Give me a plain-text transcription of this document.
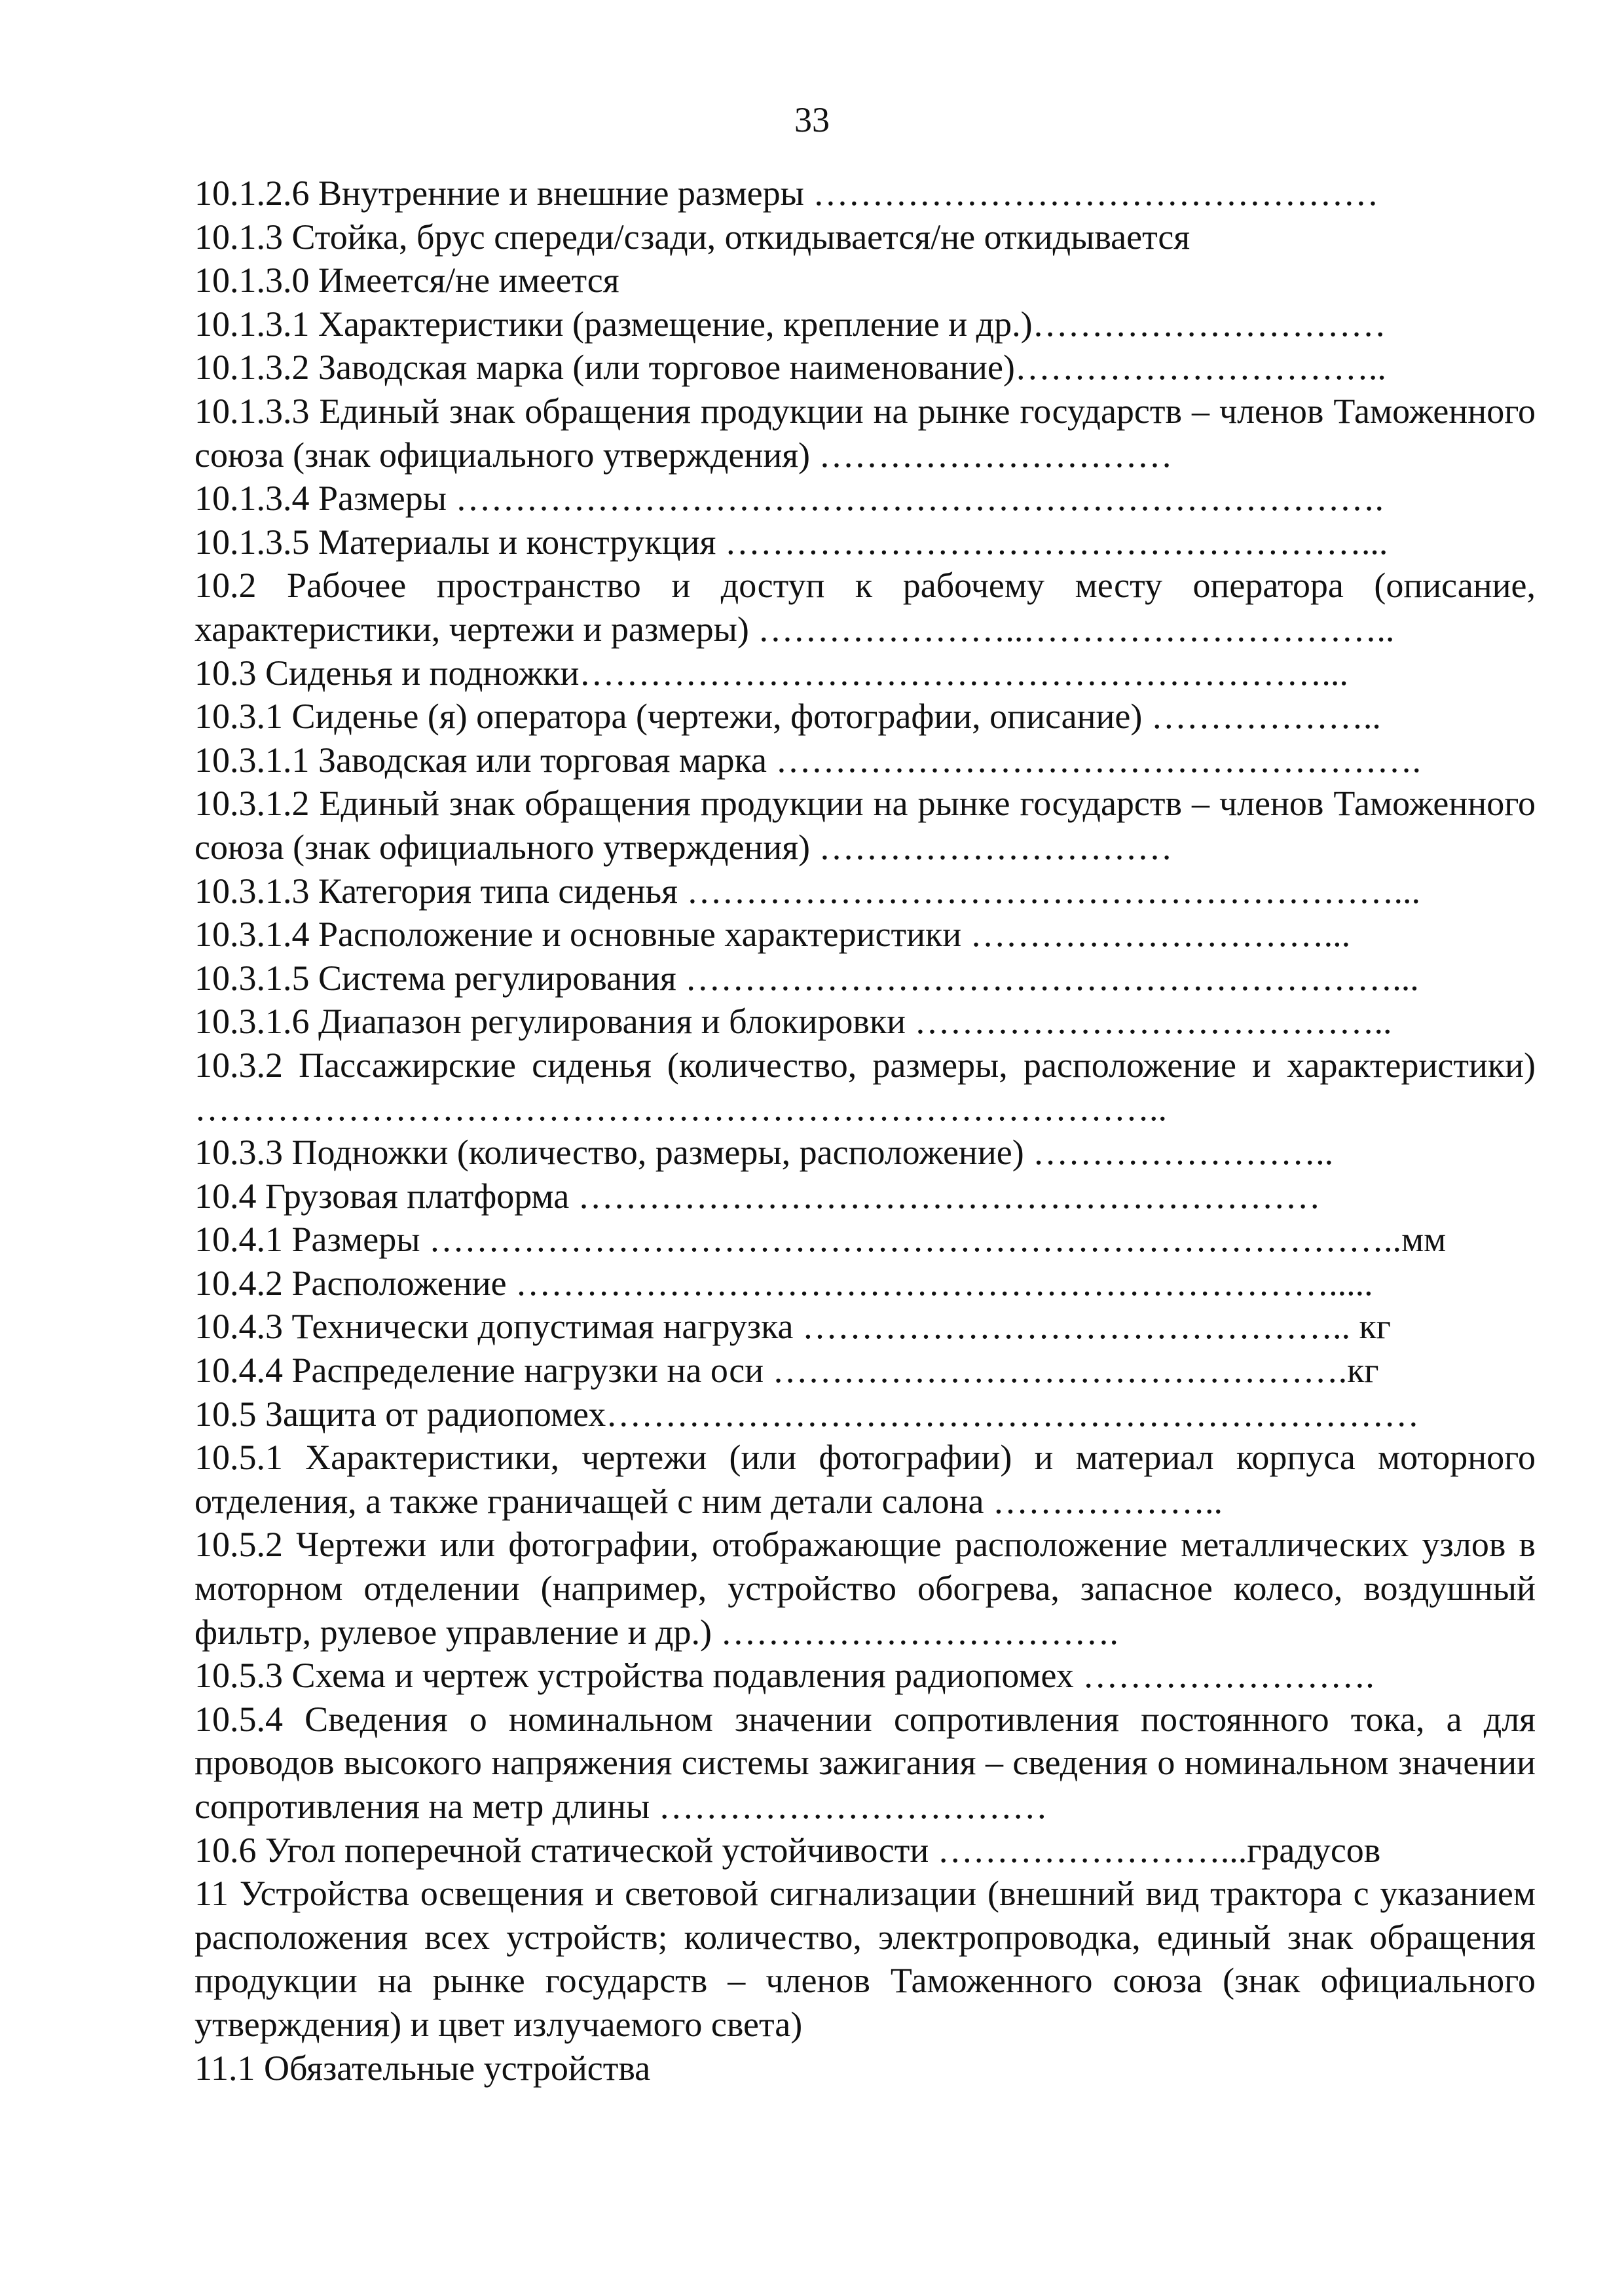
33

10.1.2.6 Внутренние и внешние размеры …………………………………………

10.1.3 Стойка, брус спереди/сзади, откидывается/не откидывается

10.1.3.0 Имеется/не имеется

10.1.3.1 Характеристики (размещение, крепление и др.)…………………………

10.1.3.2 Заводская марка (или торговое наименование)…………………………..

10.1.3.3 Единый знак обращения продукции на рынке государств – членов Таможенного союза (знак официального утверждения) …………………………

10.1.3.4 Размеры …………………………………………………………………….

10.1.3.5 Материалы и конструкция ………………………………………………...

10.2 Рабочее пространство и доступ к рабочему месту оператора (описание, характеристики, чертежи и размеры) …………………..…………………………..

10.3 Сиденья и подножки………………………………………………………...

10.3.1 Сиденье (я) оператора (чертежи, фотографии, описание) ………………..

10.3.1.1 Заводская или торговая марка ……………………………………………….

10.3.1.2 Единый знак обращения продукции на рынке государств – членов Таможенного союза (знак официального утверждения) …………………………

10.3.1.3 Категория типа сиденья ……………………………………………………...

10.3.1.4 Расположение и основные характеристики …………………………...

10.3.1.5 Система регулирования ……………………………………………………...

10.3.1.6 Диапазон регулирования и блокировки …………………………………..

10.3.2 Пассажирские сиденья (количество, размеры, расположение и характеристики) ………………………………………………………………………..

10.3.3 Подножки (количество, размеры, расположение) ……………………..

10.4 Грузовая платформа ………………………………………………………

10.4.1 Размеры ………………………………………………………………………..мм

10.4.2 Расположение …………………………………………………………….....

10.4.3 Технически допустимая нагрузка ……………………………………….. кг

10.4.4 Распределение нагрузки на оси ………………………………………….кг

10.5 Защита от радиопомех……………………………………………………………

10.5.1 Характеристики, чертежи (или фотографии) и материал корпуса моторного отделения, а также граничащей с ним детали салона ………………..

10.5.2 Чертежи или фотографии, отображающие расположение металлических узлов в моторном отделении (например, устройство обогрева, запасное колесо, воздушный фильтр, рулевое управление и др.) …………………………….

10.5.3 Схема и чертеж устройства подавления радиопомех …………………….

10.5.4 Сведения о номинальном значении сопротивления постоянного тока, а для проводов высокого напряжения системы зажигания – сведения о номинальном значении сопротивления на метр длины ……………………………

10.6 Угол поперечной статической устойчивости ……………………...градусов

11 Устройства освещения и световой сигнализации (внешний вид трактора с указанием расположения всех устройств; количество, электропроводка, единый знак обращения продукции на рынке государств – членов Таможенного союза (знак официального утверждения) и цвет излучаемого света)

11.1 Обязательные устройства
